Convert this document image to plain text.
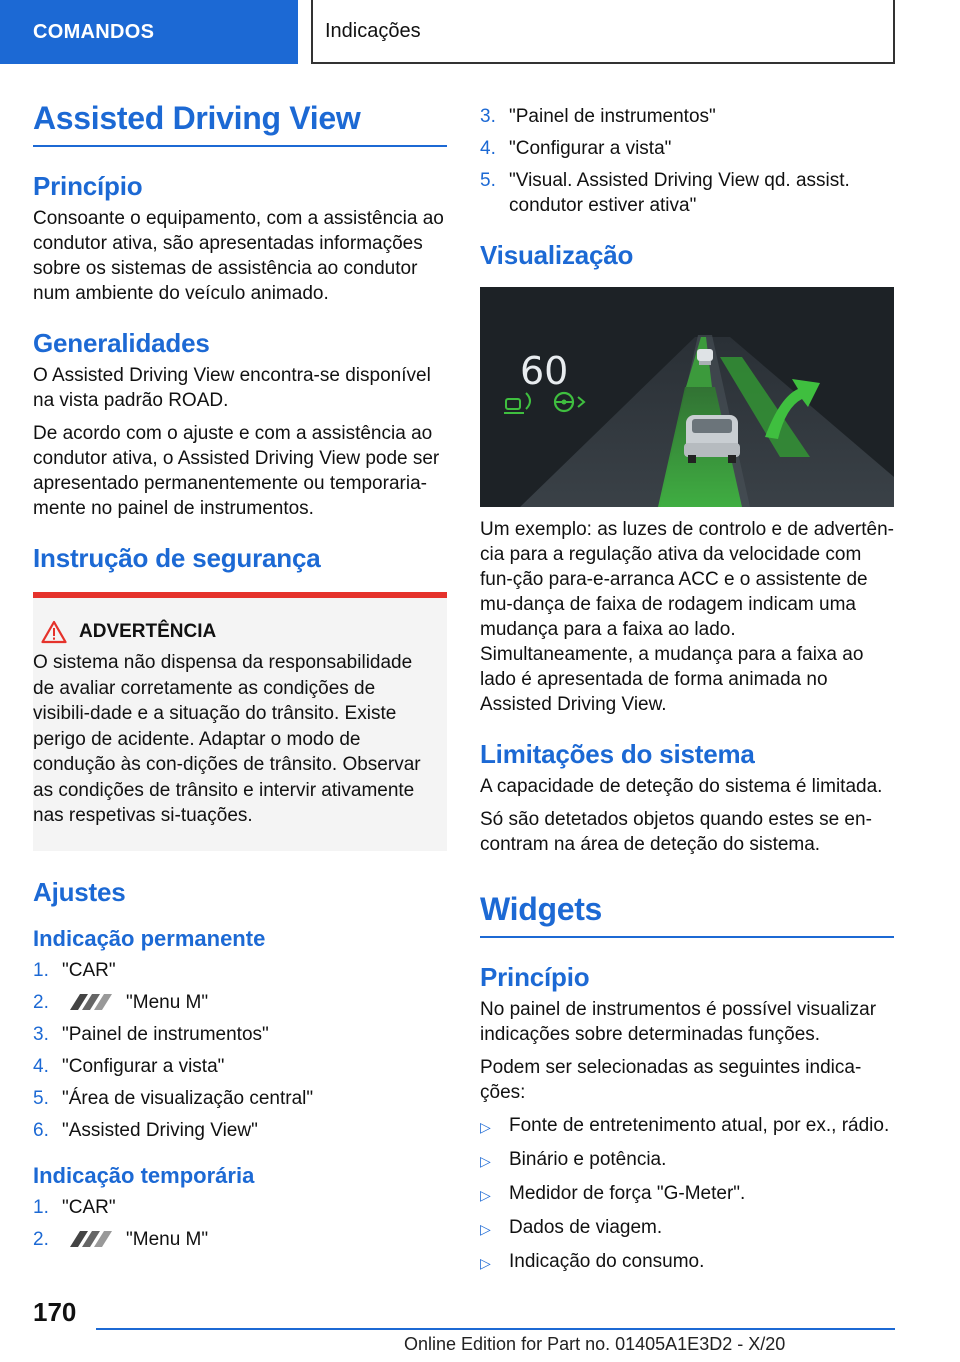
COMANDOS	Indicações
Assisted Driving View
Princípio

Consoante o equipamento, com a assistência ao condutor ativa, são apresentadas informações sobre os sistemas de assistência ao condutor num ambiente do veículo animado.

Generalidades

O Assisted Driving View encontra-se disponível na vista padrão ROAD.

De acordo com o ajuste e com a assistência ao condutor ativa, o Assisted Driving View pode ser apresentado permanentemente ou temporaria-mente no painel de instrumentos.

Instrução de segurança
ADVERTÊNCIA

O sistema não dispensa da responsabilidade de avaliar corretamente as condições de visibili-dade e a situação do trânsito. Existe perigo de acidente. Adaptar o modo de condução às con-dições de trânsito. Observar as condições de trânsito e intervir ativamente nas respetivas si-tuações.

Ajustes
Indicação permanente
1. "CAR"
2.	"Menu M"
3. "Painel de instrumentos"
4. "Configurar a vista"
5. "Área de visualização central"
6. "Assisted Driving View"
Indicação temporária
1. "CAR"
2.	"Menu M"
3. "Painel de instrumentos"
4. "Configurar a vista"
5. "Visual. Assisted Driving View qd. assist. condutor estiver ativa"
Visualização
60

Um exemplo: as luzes de controlo e de advertên-cia para a regulação ativa da velocidade com fun-ção para-e-arranca ACC e o assistente de mu-dança de faixa de rodagem indicam uma mudança para a faixa ao lado. Simultaneamente, a mudança para a faixa ao lado é apresentada de forma animada no Assisted Driving View.

Limitações do sistema

A capacidade de deteção do sistema é limitada.

Só são detetados objetos quando estes se en-contram na área de deteção do sistema.

Widgets
Princípio

No painel de instrumentos é possível visualizar indicações sobre determinadas funções.

Podem ser selecionadas as seguintes indica-ções:

▷ Fonte de entretenimento atual, por ex., rádio.
▷ Binário e potência.
▷ Medidor de força "G-Meter".
▷ Dados de viagem.
▷ Indicação do consumo.
170
Online Edition for Part no. 01405A1E3D2 - X/20
